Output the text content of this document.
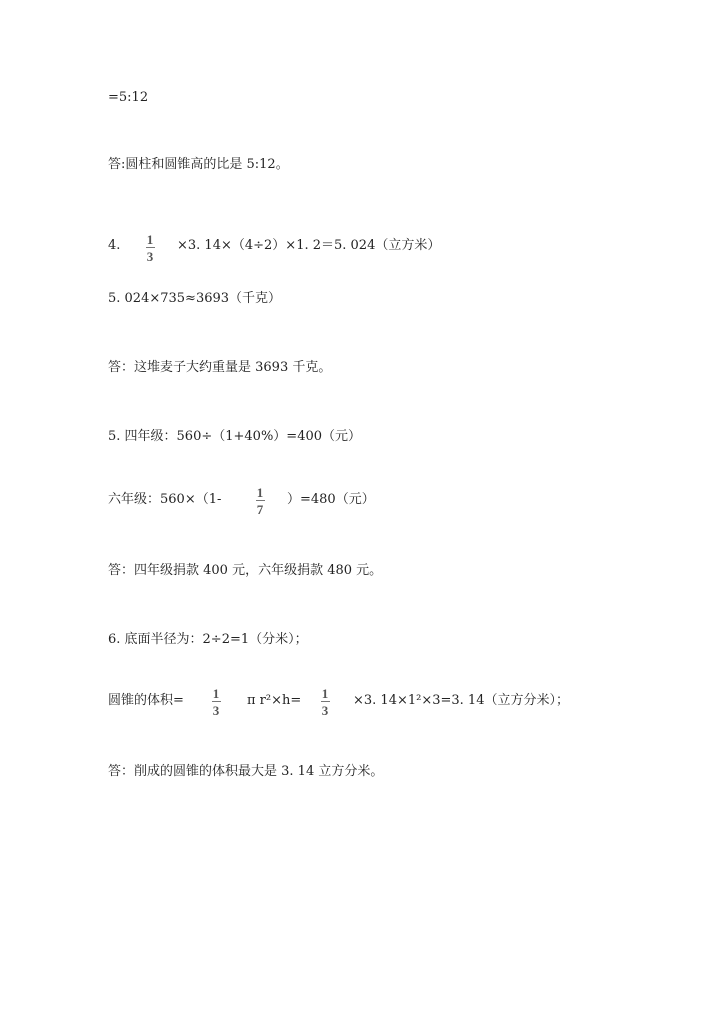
=5:12
答:圆柱和圆锥高的比是 5:12。
4. 1
3
×3. 14×（4÷2）×1. 2＝5. 024（立方米）
5. 024×735≈3693（千克）
答：这堆麦子大约重量是 3693 千克。
5. 四年级：560÷（1+40%）=400（元）
六年级：560×（1-	1
7
）=480（元）
答：四年级捐款 400 元，六年级捐款 480 元。
6. 底面半径为：2÷2=1（分米）；
圆锥的体积= 1
3
π r²×h= 1
3
×3. 14×1²×3=3. 14（立方分米）；
答：削成的圆锥的体积最大是 3. 14 立方分米。
